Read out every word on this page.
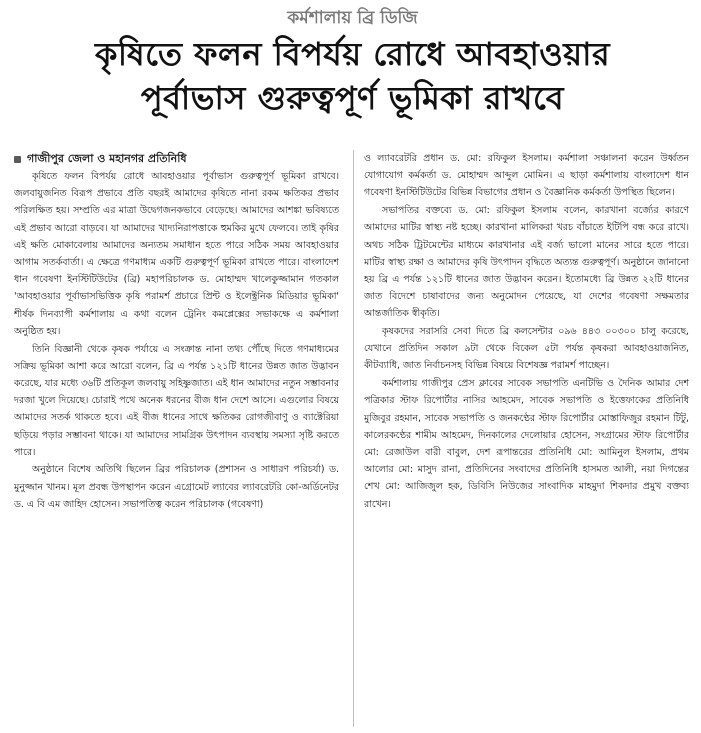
কর্মশালায় ব্রি ডিজি
কৃষিতে ফলন বিপর্যয় রোধে আবহাওয়ার
পূর্বাভাস গুরুত্বপূর্ণ ভূমিকা রাখবে
গাজীপুর জেলা ও মহানগর প্রতিনিধি

কৃষিতে ফলন বিপর্যয় রোধে আবহাওয়ার পূর্বাভাস গুরুত্বপূর্ণ ভূমিকা রাখবে। জলবায়ুজনিত বিরূপ প্রভাবে প্রতি বছরই আমাদের কৃষিতে নানা রকম ক্ষতিকর প্রভাব পরিলক্ষিত হয়। সম্প্রতি এর মাত্রা উদ্বেগজনকভাবে বেড়েছে। আমাদের আশঙ্কা ভবিষ্যতে এই প্রভাব আরো বাড়বে। যা আমাদের খাদ্যনিরাপত্তাকে হুমকির মুখে ফেলবে। তাই কৃষির এই ক্ষতি মোকাবেলায় আমাদের অন্যতম সমাধান হতে পারে সঠিক সময় আবহাওয়ার আগাম সতর্কবার্তা। এ ক্ষেত্রে গণমাধ্যম একটি গুরুত্বপূর্ণ ভূমিকা রাখতে পারে। বাংলাদেশ ধান গবেষণা ইনস্টিটিউটের (ব্রি) মহাপরিচালক ড. মোহাম্মদ খালেকুজ্জামান গতকাল 'আবহাওয়ার পূর্বাভাসভিত্তিক কৃষি পরামর্শ প্রচারে প্রিন্ট ও ইলেক্ট্রনিক মিডিয়ার ভূমিকা' শীর্ষক দিনব্যাপী কর্মশালায় এ কথা বলেন ট্রেনিং কমপ্লেক্সের সভাকক্ষে এ কর্মশালা অনুষ্ঠিত হয়।

তিনি বিজ্ঞানী থেকে কৃষক পর্যায়ে এ সংক্রান্ত নানা তথ্য পৌঁছে দিতে গণমাধ্যমের সক্রিয় ভূমিকা আশা করে আরো বলেন, ব্রি এ পর্যন্ত ১২১টি ধানের উন্নত জাত উদ্ভাবন করেছে, যার মধ্যে ৩৬টি প্রতিকূল জলবায়ু সহিষ্ণুজাত। এই ধান আমাদের নতুন সম্ভাবনার দরজা খুলে দিয়েছে। চোরাই পথে অনেক ধরনের বীজ ধান দেশে আসে। এগুলোর বিষয়ে আমাদের সতর্ক থাকতে হবে। এই বীজ ধানের সাথে ক্ষতিকর রোগজীবাণু ও ব্যাক্টেরিয়া ছড়িয়ে পড়ার সম্ভাবনা থাকে। যা আমাদের সামগ্রিক উৎপাদন ব্যবস্থায় সমস্যা সৃষ্টি করতে পারে।

অনুষ্ঠানে বিশেষ অতিথি ছিলেন ব্রির পরিচালক (প্রশাসন ও সাধারণ পরিচর্যা) ড. মুনুজ্জান খানম। মূল প্রবন্ধ উপস্থাপন করেন এগ্রোমেট ল্যাবের ল্যাবরেটরি কো-অর্ডিনেটর ড. এ বি এম জাহিদ হোসেন। সভাপতিত্ব করেন পরিচালক (গবেষণা)

ও ল্যাবরেটরি প্রধান ড. মো: রফিকুল ইসলাম। কর্মশালা সঞ্চালনা করেন উর্ধ্বতন যোগাযোগ কর্মকর্তা ড. মোহাম্মদ আব্দুল মোমিন। এ ছাড়া কর্মশালায় বাংলাদেশ ধান গবেষণা ইনস্টিটিউটের বিভিন্ন বিভাগের প্রধান ও বৈজ্ঞানিক কর্মকর্তা উপস্থিত ছিলেন।

সভাপতির বক্তব্যে ড. মো: রফিকুল ইসলাম বলেন, কারখানা বর্জ্যের কারণে আমাদের মাটির স্বাস্থ্য নষ্ট হচ্ছে। কারখানা মালিকরা খরচ বাঁচাতে ইটিপি বন্ধ করে রাখে। অথচ সঠিক ট্রিটমেন্টের মাধ্যমে কারখানার এই বর্জ্য ভালো মানের সারে হতে পারে। মাটির স্বাস্থ্য রক্ষা ও আমাদের কৃষি উৎপাদন বৃদ্ধিতে অত্যন্ত গুরুত্বপূর্ণ। অনুষ্ঠানে জানানো হয় ব্রি এ পর্যন্ত ১২১টি ধানের জাত উদ্ভাবন করেন। ইতোমধ্যে ব্রি উন্নত ২২টি ধানের জাত বিদেশে চাষাবাদের জন্য অনুমোদন পেয়েছে, যা দেশের গবেষণা সক্ষমতার আন্তর্জাতিক স্বীকৃতি।

কৃষকদের সরাসরি সেবা দিতে ব্রি কলসেন্টার ০৯৬ ৪৪৩ ০০৩০০ চালু করেছে, যেখানে প্রতিদিন সকাল ৯টা থেকে বিকেল ৫টা পর্যন্ত কৃষকরা আবহাওয়াজনিত, কীটব্যাধি, জাত নির্বাচনসহ বিভিন্ন বিষয়ে বিশেষজ্ঞ পরামর্শ পাচ্ছেন।

কর্মশালায় গাজীপুর প্রেস ক্লাবের সাবেক সভাপতি এনটিভি ও দৈনিক আমার দেশ পত্রিকার স্টাফ রিপোর্টার নাসির আহমেদ, সাবেক সভাপতি ও ইত্তেফাকের প্রতিনিধি মুজিবুর রহমান, সাবেক সভাপতি ও জনকণ্ঠের স্টাফ রিপোর্টার মোস্তাফিজুর রহমান টিটু, কালেরকণ্ঠের শামীম আহমেদ, দিনকালের দেলোয়ার হোসেন, সংগ্রামের স্টাফ রিপোর্টার মো: রেজাউল বারী বাবুল, দেশ রূপান্তরের প্রতিনিধি মো: আমিনুল ইসলাম, প্রথম আলোর মো: মাসুদ রানা, প্রতিদিনের সংবাদের প্রতিনিধি হাসমত আলী, নয়া দিগন্তের শেখ মো: আজিজুল হক, ডিবিসি নিউজের সাংবাদিক মাহমুদা শিকদার প্রমুখ বক্তব্য রাখেন।
